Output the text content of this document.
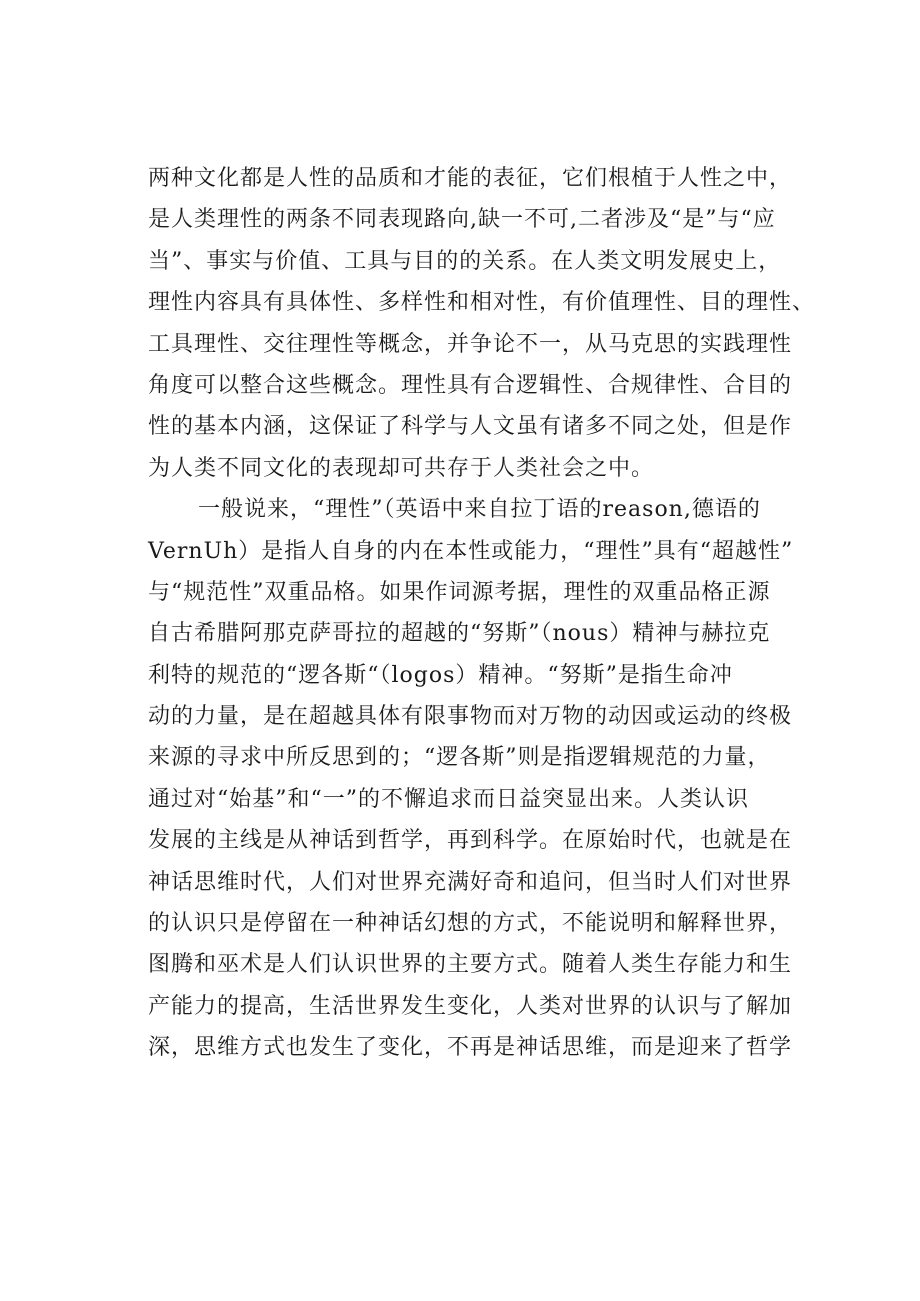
两种文化都是人性的品质和才能的表征，它们根植于人性之中，
是人类理性的两条不同表现路向,缺一不可,二者涉及“是”与“应
当”、事实与价值、工具与目的的关系。在人类文明发展史上，
理性内容具有具体性、多样性和相对性，有价值理性、目的理性、
工具理性、交往理性等概念，并争论不一，从马克思的实践理性
角度可以整合这些概念。理性具有合逻辑性、合规律性、合目的
性的基本内涵，这保证了科学与人文虽有诸多不同之处，但是作
为人类不同文化的表现却可共存于人类社会之中。
一般说来，“理性”（英语中来自拉丁语的reason,德语的
VernUh）是指人自身的内在本性或能力，“理性”具有“超越性”
与“规范性”双重品格。如果作词源考据，理性的双重品格正源
自古希腊阿那克萨哥拉的超越的“努斯”（nous）精神与赫拉克
利特的规范的“逻各斯“（logos）精神。“努斯”是指生命冲
动的力量，是在超越具体有限事物而对万物的动因或运动的终极
来源的寻求中所反思到的；“逻各斯”则是指逻辑规范的力量，
通过对“始基”和“一”的不懈追求而日益突显出来。人类认识
发展的主线是从神话到哲学，再到科学。在原始时代，也就是在
神话思维时代，人们对世界充满好奇和追问，但当时人们对世界
的认识只是停留在一种神话幻想的方式，不能说明和解释世界，
图腾和巫术是人们认识世界的主要方式。随着人类生存能力和生
产能力的提高，生活世界发生变化，人类对世界的认识与了解加
深，思维方式也发生了变化，不再是神话思维，而是迎来了哲学
